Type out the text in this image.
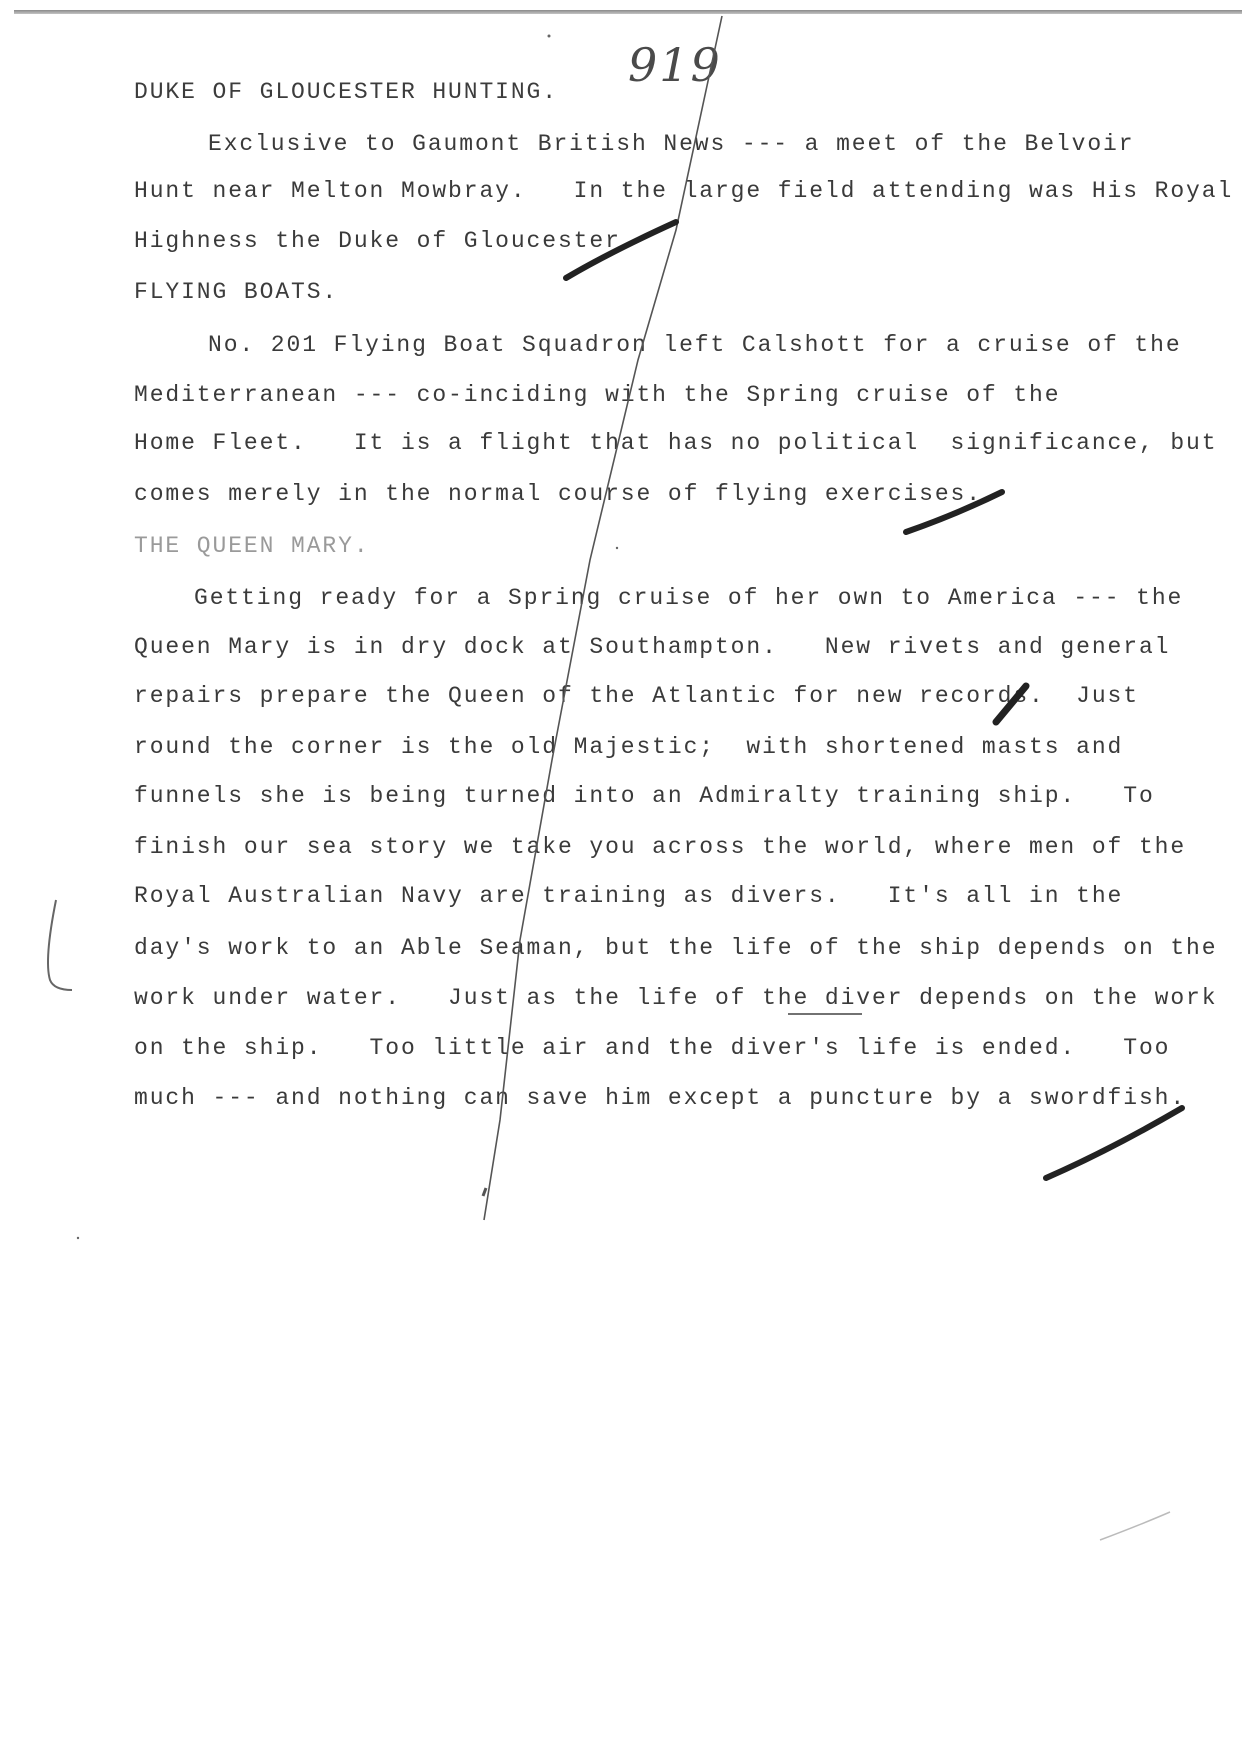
919
DUKE OF GLOUCESTER HUNTING.
Exclusive to Gaumont British News --- a meet of the Belvoir
Hunt near Melton Mowbray.   In the large field attending was His Royal
Highness the Duke of Gloucester.
FLYING BOATS.
No. 201 Flying Boat Squadron left Calshott for a cruise of the
Mediterranean --- co-inciding with the Spring cruise of the
Home Fleet.   It is a flight that has no political  significance, but
comes merely in the normal course of flying exercises.
THE QUEEN MARY.
Getting ready for a Spring cruise of her own to America --- the
Queen Mary is in dry dock at Southampton.   New rivets and general
repairs prepare the Queen of the Atlantic for new records.  Just
round the corner is the old Majestic;  with shortened masts and
funnels she is being turned into an Admiralty training ship.   To
finish our sea story we take you across the world, where men of the
Royal Australian Navy are training as divers.   It's all in the
day's work to an Able Seaman, but the life of the ship depends on the
work under water.   Just as the life of the diver depends on the work
on the ship.   Too little air and the diver's life is ended.   Too
much --- and nothing can save him except a puncture by a swordfish.
